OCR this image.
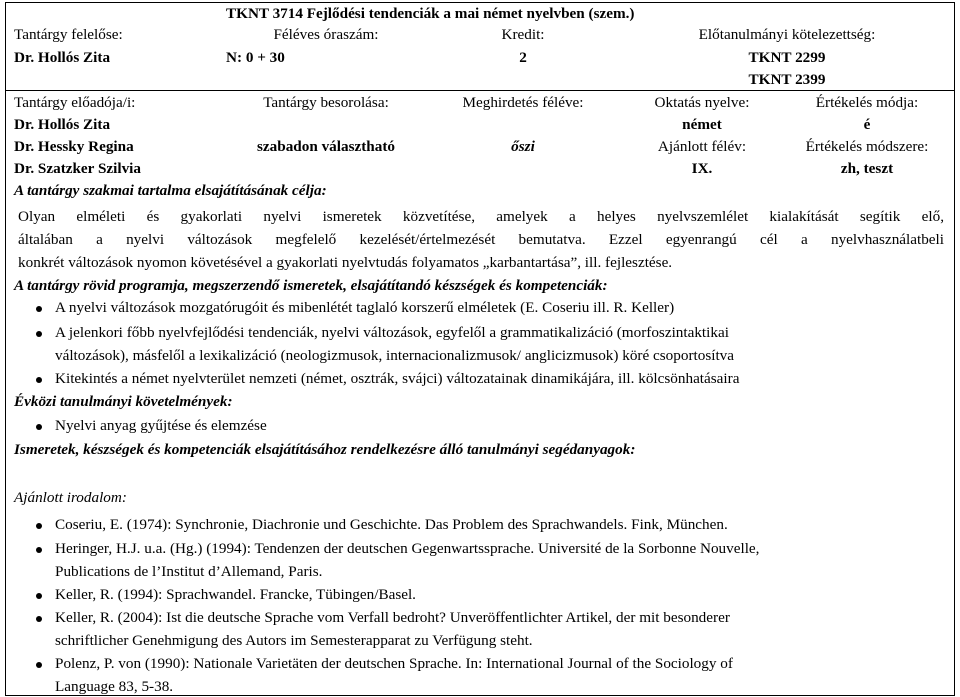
TKNT 3714 Fejlődési tendenciák a mai német nyelvben (szem.)
Tantárgy felelőse:
Dr. Hollós Zita
Féléves óraszám:
N: 0 + 30
Kredit:
2
Előtanulmányi kötelezettség:
TKNT 2299
TKNT 2399
Tantárgy előadója/i:
Dr. Hollós Zita
Dr. Hessky Regina
Dr. Szatzker Szilvia
Tantárgy besorolása:
szabadon választható
Meghirdetés féléve:
őszi
Oktatás nyelve:
német
Ajánlott félév:
IX.
Értékelés módja:
é
Értékelés módszere:
zh, teszt
A tantárgy szakmai tartalma elsajátításának célja:
Olyan elméleti és gyakorlati nyelvi ismeretek közvetítése, amelyek a helyes nyelvszemlélet kialakítását segítik elő,
általában a nyelvi változások megfelelő kezelését/értelmezését bemutatva. Ezzel egyenrangú cél a nyelvhasználatbeli
konkrét változások nyomon követésével a gyakorlati nyelvtudás folyamatos „karbantartása”, ill. fejlesztése.
A tantárgy rövid programja, megszerzendő ismeretek, elsajátítandó készségek és kompetenciák:
A nyelvi változások mozgatórugóit és mibenlétét taglaló korszerű elméletek (E. Coseriu ill. R. Keller)
A jelenkori főbb nyelvfejlődési tendenciák, nyelvi változások, egyfelől a grammatikalizáció (morfoszintaktikai
változások), másfelől a lexikalizáció (neologizmusok, internacionalizmusok/ anglicizmusok) köré csoportosítva
Kitekintés a német nyelvterület nemzeti (német, osztrák, svájci) változatainak dinamikájára, ill. kölcsönhatásaira
Évközi tanulmányi követelmények:
Nyelvi anyag gyűjtése és elemzése
Ismeretek, készségek és kompetenciák elsajátításához rendelkezésre álló tanulmányi segédanyagok:
Ajánlott irodalom:
Coseriu, E. (1974): Synchronie, Diachronie und Geschichte. Das Problem des Sprachwandels. Fink, München.
Heringer, H.J. u.a. (Hg.) (1994): Tendenzen der deutschen Gegenwartssprache. Université de la Sorbonne Nouvelle,
Publications de l’Institut d’Allemand, Paris.
Keller, R. (1994): Sprachwandel. Francke, Tübingen/Basel.
Keller, R. (2004): Ist die deutsche Sprache vom Verfall bedroht? Unveröffentlichter Artikel, der mit besonderer
schriftlicher Genehmigung des Autors im Semesterapparat zu Verfügung steht.
Polenz, P. von (1990): Nationale Varietäten der deutschen Sprache. In: International Journal of the Sociology of
Language 83, 5-38.
